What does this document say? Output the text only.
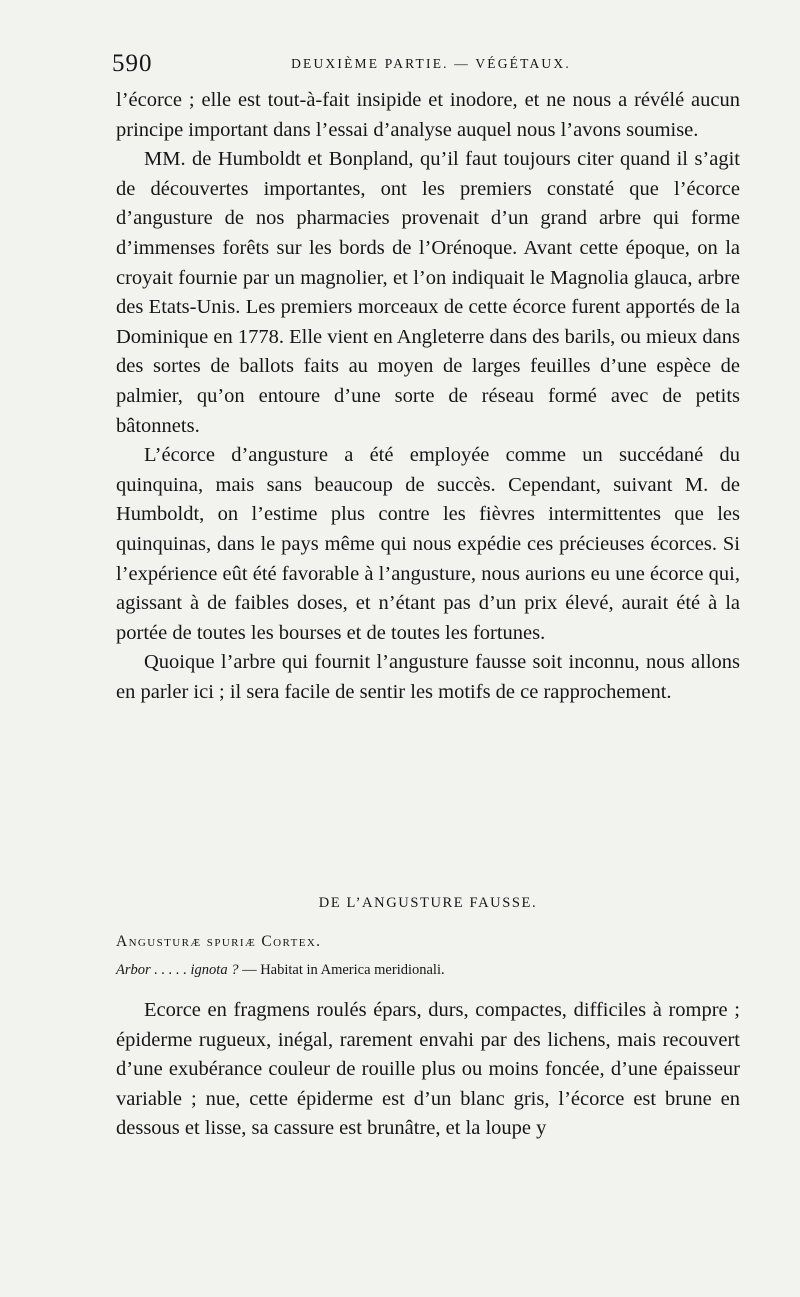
590	DEUXIÈME PARTIE. — VÉGÉTAUX.

l’écorce ; elle est tout-à-fait insipide et inodore, et ne nous a révélé aucun principe important dans l’essai d’analyse auquel nous l’avons soumise.

MM. de Humboldt et Bonpland, qu’il faut toujours citer quand il s’agit de découvertes importantes, ont les premiers constaté que l’écorce d’angusture de nos pharmacies provenait d’un grand arbre qui forme d’immenses forêts sur les bords de l’Orénoque. Avant cette époque, on la croyait fournie par un magnolier, et l’on indiquait le Magnolia glauca, arbre des Etats-Unis. Les premiers morceaux de cette écorce furent apportés de la Dominique en 1778. Elle vient en Angleterre dans des barils, ou mieux dans des sortes de ballots faits au moyen de larges feuilles d’une espèce de palmier, qu’on entoure d’une sorte de réseau formé avec de petits bâtonnets.

L’écorce d’angusture a été employée comme un succédané du quinquina, mais sans beaucoup de succès. Cependant, suivant M. de Humboldt, on l’estime plus contre les fièvres intermittentes que les quinquinas, dans le pays même qui nous expédie ces précieuses écorces. Si l’expérience eût été favorable à l’angusture, nous aurions eu une écorce qui, agissant à de faibles doses, et n’étant pas d’un prix élevé, aurait été à la portée de toutes les bourses et de toutes les fortunes.

Quoique l’arbre qui fournit l’angusture fausse soit inconnu, nous allons en parler ici ; il sera facile de sentir les motifs de ce rapprochement.

DE L’ANGUSTURE FAUSSE.
Angusturæ spuriæ Cortex.
Arbor . . . . . ignota ? — Habitat in America meridionali.

Ecorce en fragmens roulés épars, durs, compactes, difficiles à rompre ; épiderme rugueux, inégal, rarement envahi par des lichens, mais recouvert d’une exubérance couleur de rouille plus ou moins foncée, d’une épaisseur variable ; nue, cette épiderme est d’un blanc gris, l’écorce est brune en dessous et lisse, sa cassure est brunâtre, et la loupe y
